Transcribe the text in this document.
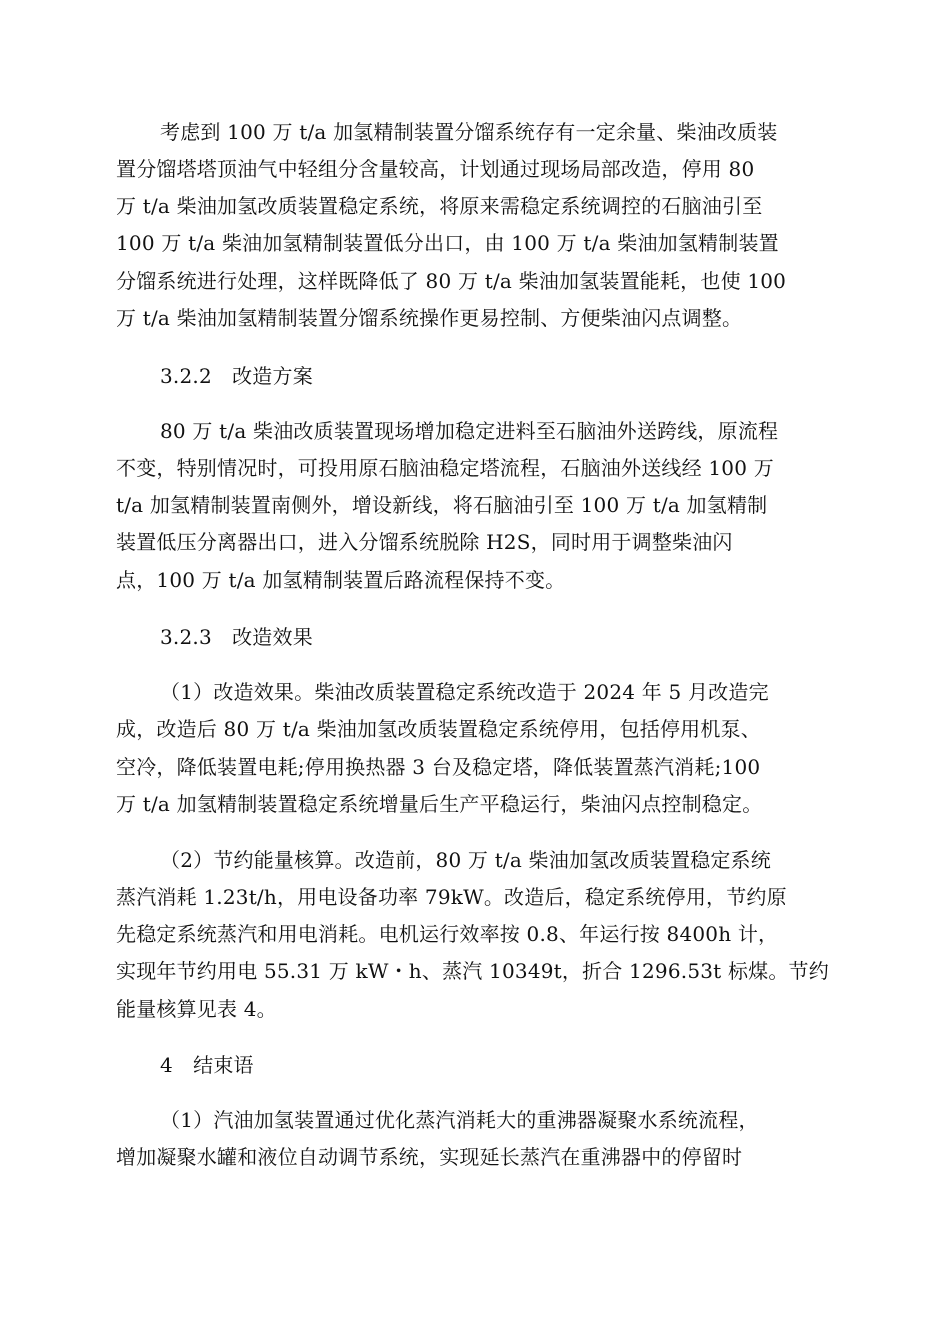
考虑到 100 万 t/a 加氢精制装置分馏系统存有一定余量、柴油改质装
置分馏塔塔顶油气中轻组分含量较高，计划通过现场局部改造，停用 80
万 t/a 柴油加氢改质装置稳定系统，将原来需稳定系统调控的石脑油引至
100 万 t/a 柴油加氢精制装置低分出口，由 100 万 t/a 柴油加氢精制装置
分馏系统进行处理，这样既降低了 80 万 t/a 柴油加氢装置能耗，也使 100
万 t/a 柴油加氢精制装置分馏系统操作更易控制、方便柴油闪点调整。
3.2.2　改造方案
80 万 t/a 柴油改质装置现场增加稳定进料至石脑油外送跨线，原流程
不变，特别情况时，可投用原石脑油稳定塔流程，石脑油外送线经 100 万
t/a 加氢精制装置南侧外，增设新线，将石脑油引至 100 万 t/a 加氢精制
装置低压分离器出口，进入分馏系统脱除 H2S，同时用于调整柴油闪
点，100 万 t/a 加氢精制装置后路流程保持不变。
3.2.3　改造效果
（1）改造效果。柴油改质装置稳定系统改造于 2024 年 5 月改造完
成，改造后 80 万 t/a 柴油加氢改质装置稳定系统停用，包括停用机泵、
空冷，降低装置电耗;停用换热器 3 台及稳定塔，降低装置蒸汽消耗;100
万 t/a 加氢精制装置稳定系统增量后生产平稳运行，柴油闪点控制稳定。
（2）节约能量核算。改造前，80 万 t/a 柴油加氢改质装置稳定系统
蒸汽消耗 1.23t/h，用电设备功率 79kW。改造后，稳定系统停用，节约原
先稳定系统蒸汽和用电消耗。电机运行效率按 0.8、年运行按 8400h 计，
实现年节约用电 55.31 万 kW・h、蒸汽 10349t，折合 1296.53t 标煤。节约
能量核算见表 4。
4　结束语
（1）汽油加氢装置通过优化蒸汽消耗大的重沸器凝聚水系统流程，
增加凝聚水罐和液位自动调节系统，实现延长蒸汽在重沸器中的停留时
